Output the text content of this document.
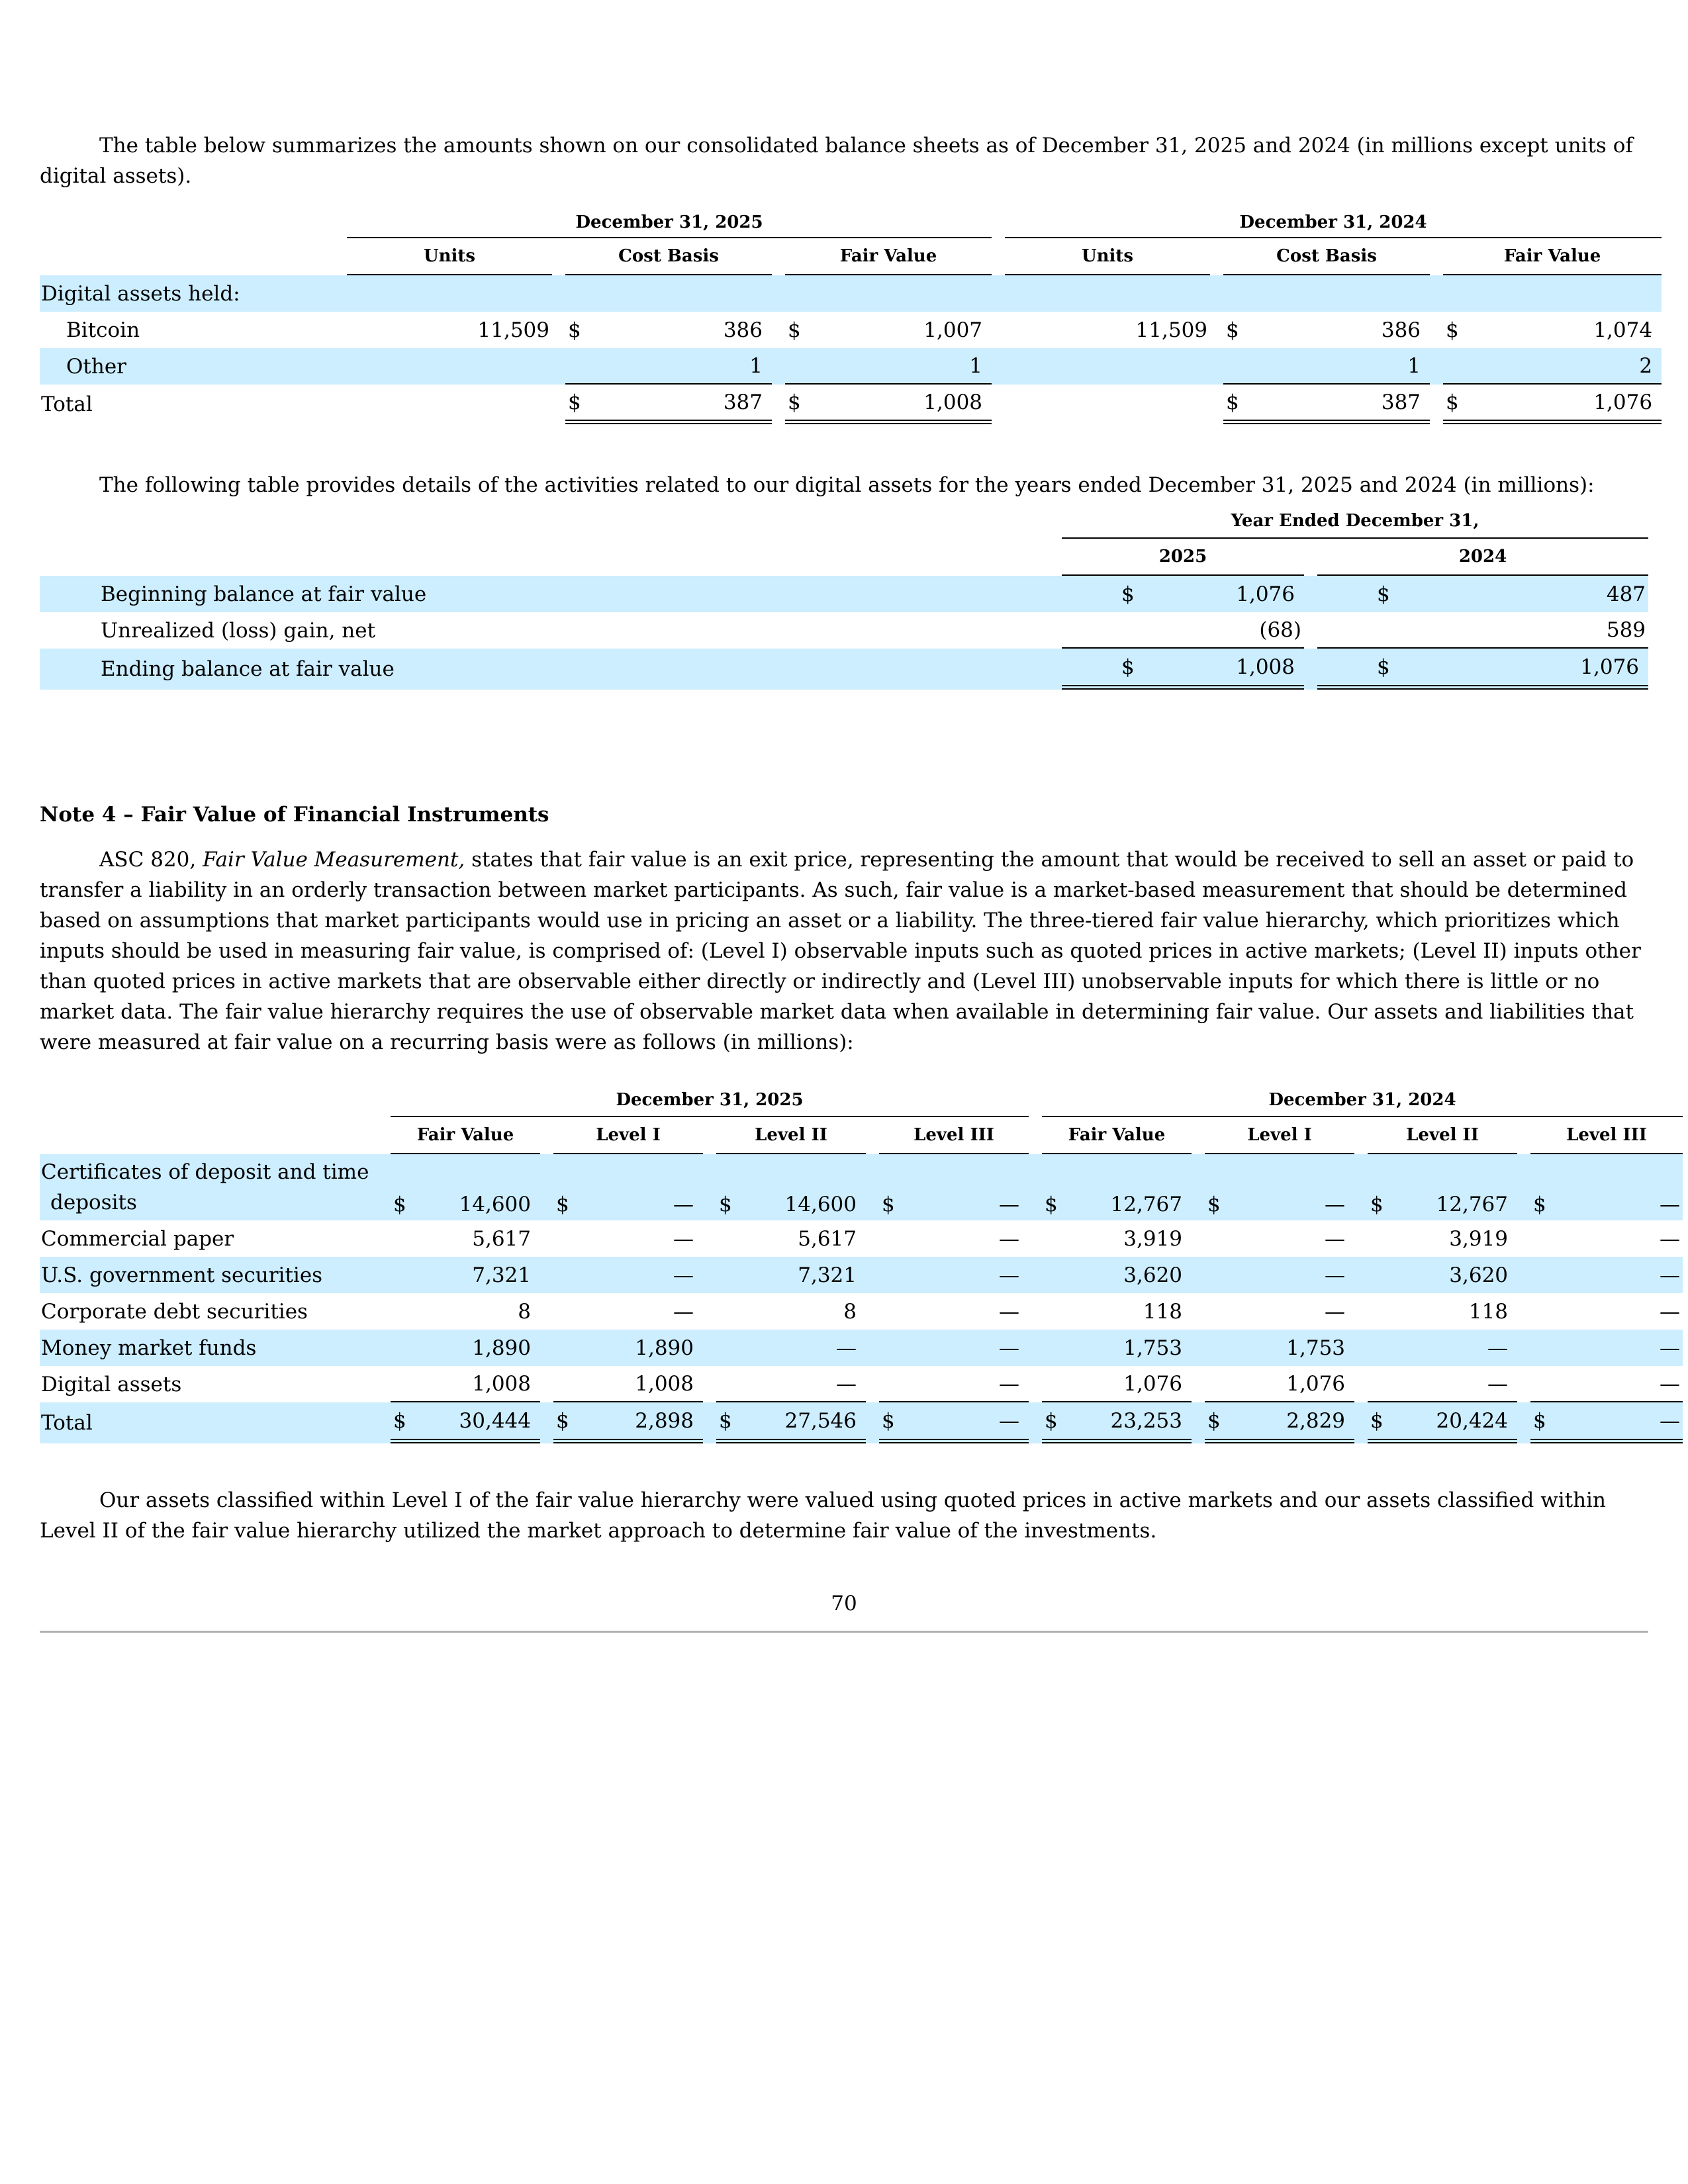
The table below summarizes the amounts shown on our consolidated balance sheets as of December 31, 2025 and 2024 (in millions except units of digital assets).

		December 31, 2025								December 31, 2024						
		Units		Cost Basis			Fair Value			Units		Cost Basis			Fair Value	
Digital assets held:																
Bitcoin		11,509		$	386		$	1,007		11,509		$	386		$	1,074
Other					1			1					1			2
Total				$	387		$	1,008				$	387		$	1,076

The following table provides details of the activities related to our digital assets for the years ended December 31, 2025 and 2024 (in millions):

		Year Ended December 31,				
		2025			2024	
Beginning balance at fair value		$	1,076		$	487
Unrealized (loss) gain, net			(68)			589
Ending balance at fair value		$	1,008		$	1,076
Note 4 – Fair Value of Financial Instruments

ASC 820, Fair Value Measurement, states that fair value is an exit price, representing the amount that would be received to sell an asset or paid to transfer a liability in an orderly transaction between market participants. As such, fair value is a market-based measurement that should be determined based on assumptions that market participants would use in pricing an asset or a liability. The three-tiered fair value hierarchy, which prioritizes which inputs should be used in measuring fair value, is comprised of: (Level I) observable inputs such as quoted prices in active markets; (Level II) inputs other than quoted prices in active markets that are observable either directly or indirectly and (Level III) unobservable inputs for which there is little or no market data. The fair value hierarchy requires the use of observable market data when available in determining fair value. Our assets and liabilities that were measured at fair value on a recurring basis were as follows (in millions):

		December 31, 2025												December 31, 2024										
		Fair Value			Level I			Level II			Level III			Fair Value			Level I			Level II			Level III	
Certificates of deposit and time
deposits		$	14,600		$	—		$	14,600		$	—		$	12,767		$	—		$	12,767		$	—
Commercial paper			5,617			—			5,617			—			3,919			—			3,919			—
U.S. government securities			7,321			—			7,321			—			3,620			—			3,620			—
Corporate debt securities			8			—			8			—			118			—			118			—
Money market funds			1,890			1,890			—			—			1,753			1,753			—			—
Digital assets			1,008			1,008			—			—			1,076			1,076			—			—
Total		$	30,444		$	2,898		$	27,546		$	—		$	23,253		$	2,829		$	20,424		$	—

Our assets classified within Level I of the fair value hierarchy were valued using quoted prices in active markets and our assets classified within Level II of the fair value hierarchy utilized the market approach to determine fair value of the investments.

70
